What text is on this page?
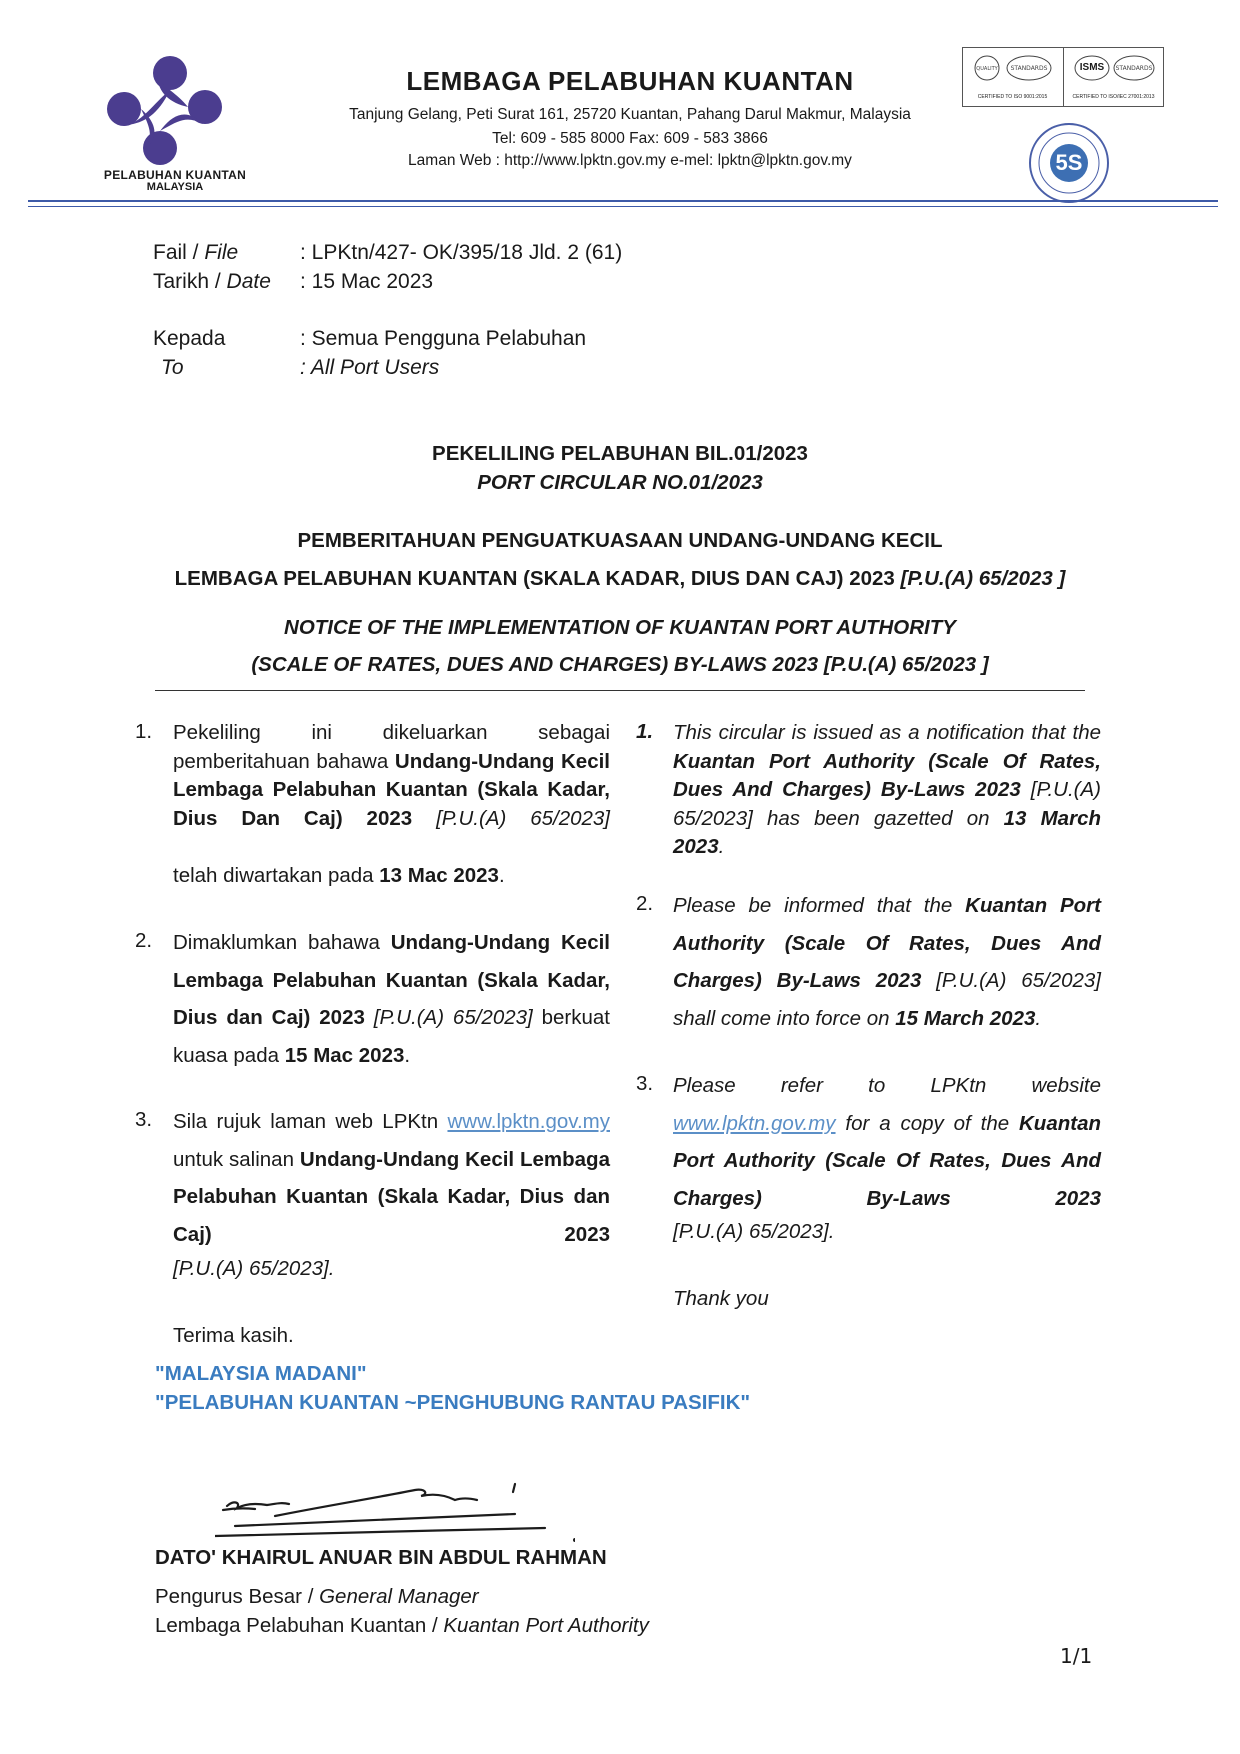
PELABUHAN KUANTAN
MALAYSIA
LEMBAGA PELABUHAN KUANTAN
Tanjung Gelang, Peti Surat 161, 25720 Kuantan, Pahang Darul Makmur, Malaysia
Tel: 609 - 585 8000 Fax: 609 - 583 3866
Laman Web : http://www.lpktn.gov.my e-mel: lpktn@lpktn.gov.my
QUALITY STANDARDS
CERTIFIED TO ISO 9001:2015
STANDARDS
ISMS
CERTIFIED TO ISO/IEC 27001:2013
5S
Fail / File	: LPKtn/427- OK/395/18 Jld. 2 (61)
Tarikh / Date : 15 Mac 2023
Kepada	: Semua Pengguna Pelabuhan
To	: All Port Users
PEKELILING PELABUHAN BIL.01/2023
PORT CIRCULAR NO.01/2023
PEMBERITAHUAN PENGUATKUASAAN UNDANG-UNDANG KECIL
LEMBAGA PELABUHAN KUANTAN (SKALA KADAR, DIUS DAN CAJ) 2023 [P.U.(A) 65/2023 ]
NOTICE OF THE IMPLEMENTATION OF KUANTAN PORT AUTHORITY
(SCALE OF RATES, DUES AND CHARGES) BY-LAWS 2023 [P.U.(A) 65/2023 ]
1. Pekeliling ini dikeluarkan sebagai pemberitahuan bahawa Undang-Undang Kecil Lembaga Pelabuhan Kuantan (Skala Kadar, Dius Dan Caj) 2023 [P.U.(A) 65/2023]
telah diwartakan pada 13 Mac 2023.
2. Dimaklumkan bahawa Undang-Undang Kecil Lembaga Pelabuhan Kuantan (Skala Kadar, Dius dan Caj) 2023 [P.U.(A) 65/2023] berkuat kuasa pada 15 Mac 2023.
3. Sila rujuk laman web LPKtn www.lpktn.gov.my untuk salinan Undang-Undang Kecil Lembaga Pelabuhan Kuantan (Skala Kadar, Dius dan Caj) 2023
[P.U.(A) 65/2023].
Terima kasih.
1. This circular is issued as a notification that the Kuantan Port Authority (Scale Of Rates, Dues And Charges) By-Laws 2023 [P.U.(A) 65/2023] has been gazetted on 13 March 2023.
2. Please be informed that the Kuantan Port Authority (Scale Of Rates, Dues And Charges) By-Laws 2023 [P.U.(A) 65/2023] shall come into force on 15 March 2023.
3. Please refer to LPKtn website www.lpktn.gov.my for a copy of the Kuantan Port Authority (Scale Of Rates, Dues And Charges) By-Laws 2023
[P.U.(A) 65/2023].
Thank you
"MALAYSIA MADANI"
"PELABUHAN KUANTAN ~PENGHUBUNG RANTAU PASIFIK"
DATO' KHAIRUL ANUAR BIN ABDUL RAHMAN
Pengurus Besar / General Manager
Lembaga Pelabuhan Kuantan / Kuantan Port Authority
1/1
